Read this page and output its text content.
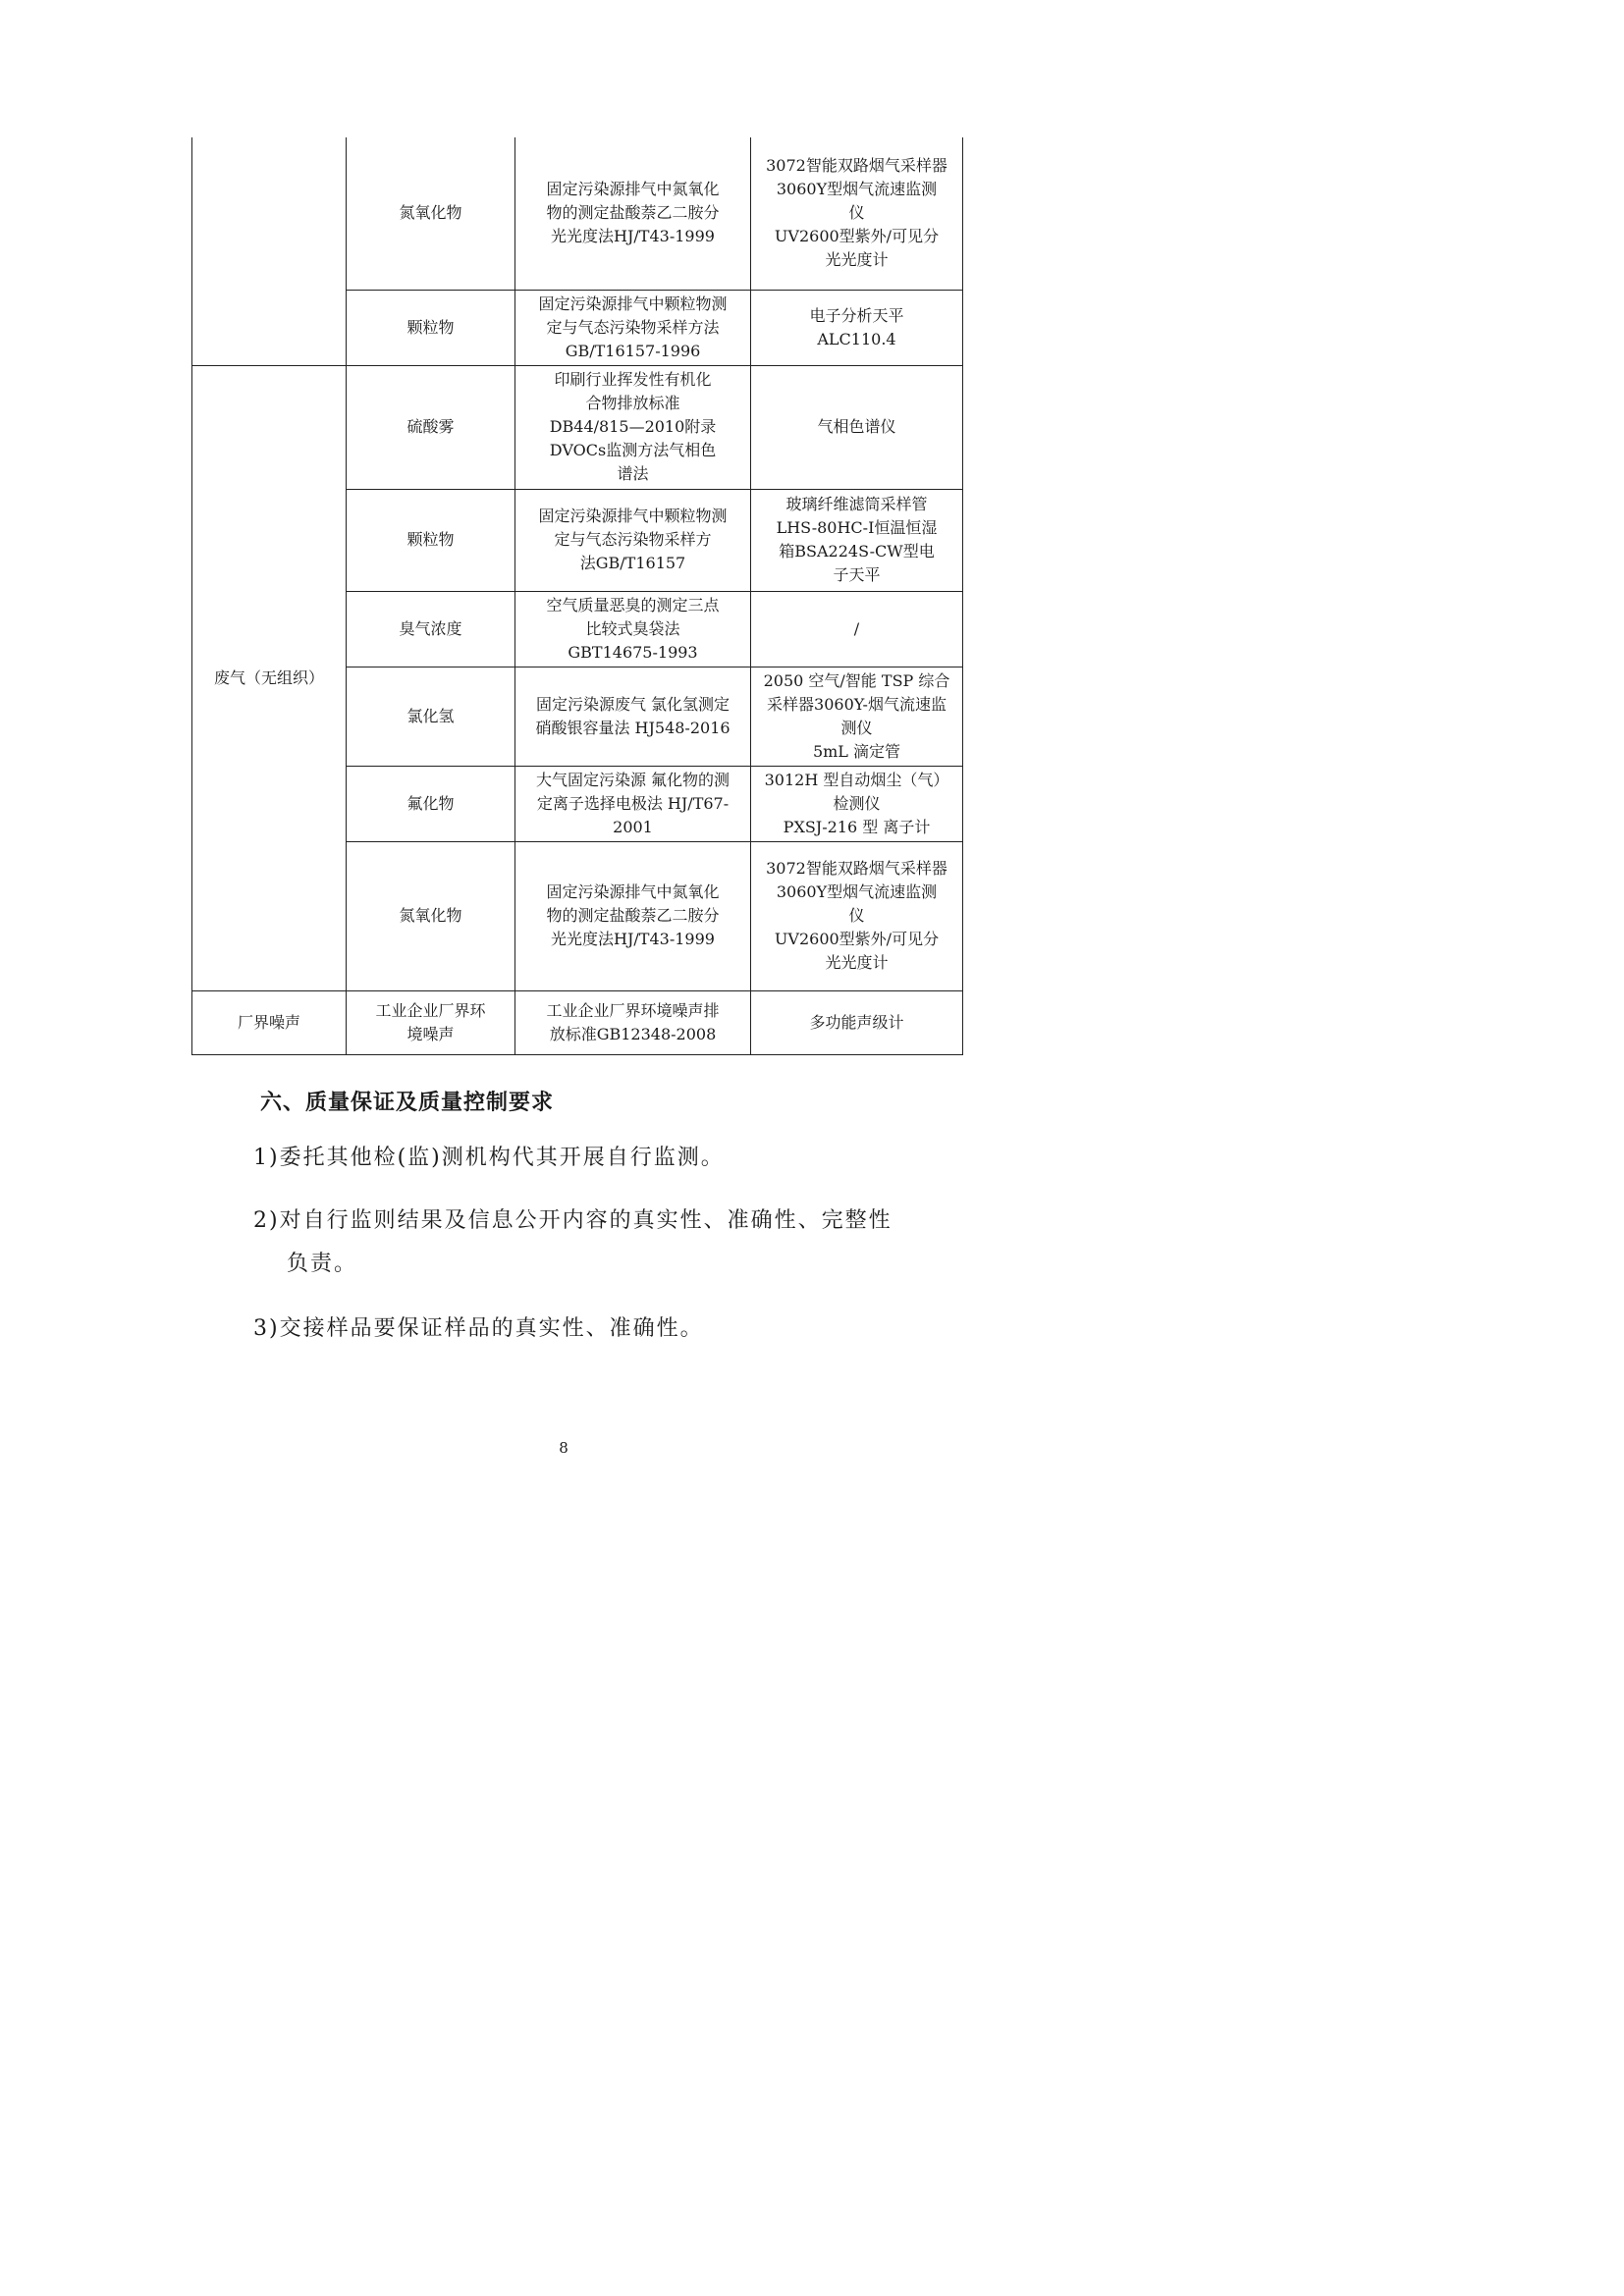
	氮氧化物	固定污染源排气中氮氧化
物的测定盐酸萘乙二胺分
光光度法HJ/T43-1999	3072智能双路烟气采样器
3060Y型烟气流速监测
仪
UV2600型紫外/可见分
光光度计
	颗粒物	固定污染源排气中颗粒物测
定与气态污染物采样方法
GB/T16157-1996	电子分析天平
ALC110.4
废气（无组织）	硫酸雾	印刷行业挥发性有机化
合物排放标准
DB44/815—2010附录
DVOCs监测方法气相色
谱法	气相色谱仪
	颗粒物	固定污染源排气中颗粒物测
定与气态污染物采样方
法GB/T16157	玻璃纤维滤筒采样管
LHS-80HC-I恒温恒湿
箱BSA224S-CW型电
子天平
	臭气浓度	空气质量恶臭的测定三点
比较式臭袋法
GBT14675-1993	/
	氯化氢	固定污染源废气 氯化氢测定
硝酸银容量法 HJ548-2016	2050 空气/智能 TSP 综合
采样器3060Y-烟气流速监
测仪
5mL 滴定管
	氟化物	大气固定污染源 氟化物的测
定离子选择电极法 HJ/T67-
2001	3012H 型自动烟尘（气）
检测仪
PXSJ-216 型 离子计
	氮氧化物	固定污染源排气中氮氧化
物的测定盐酸萘乙二胺分
光光度法HJ/T43-1999	3072智能双路烟气采样器
3060Y型烟气流速监测
仪
UV2600型紫外/可见分
光光度计
厂界噪声	工业企业厂界环
境噪声	工业企业厂界环境噪声排
放标准GB12348-2008	多功能声级计
六、质量保证及质量控制要求
1)委托其他检(监)测机构代其开展自行监测。
2)对自行监则结果及信息公开内容的真实性、准确性、完整性
负责。
3)交接样品要保证样品的真实性、准确性。
8
